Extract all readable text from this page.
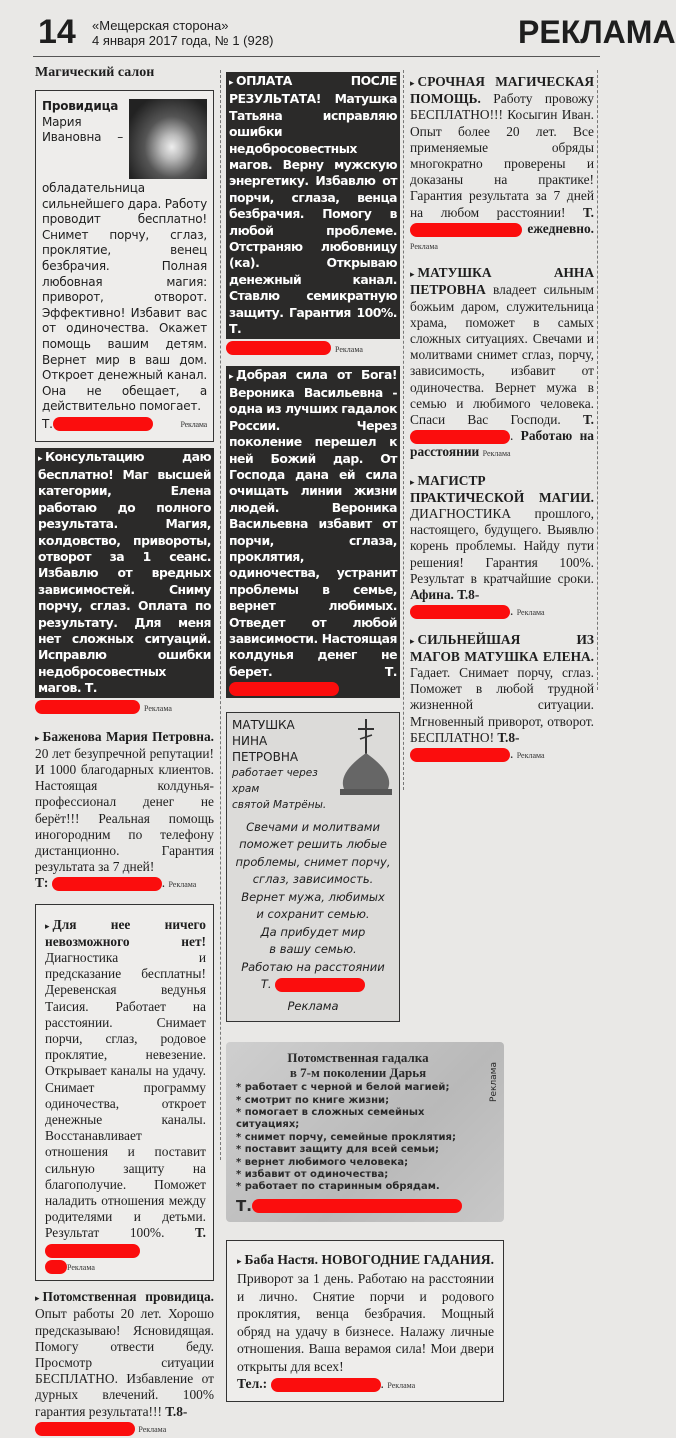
14 «Мещерская сторона»
4 января 2017 года, № 1 (928)	РЕКЛАМА
Магический салон
Провидица Мария Ивановна – обладательница сильнейшего дара. Работу проводит бесплатно! Снимет порчу, сглаз, проклятие, венец безбрачия. Полная любовная магия: приворот, отворот. Эффективно! Избавит вас от одиночества. Окажет помощь вашим детям. Вернет мир в ваш дом. Откроет денежный канал. Она не обещает, а действительно помогает.
Т.	Реклама
▸ Консультацию даю бесплатно! Маг высшей категории, Елена работаю до полного результата. Магия, колдовство, привороты, отворот за 1 сеанс. Избавлю от вредных зависимостей. Сниму порчу, сглаз. Оплата по результату. Для меня нет сложных ситуаций. Исправлю ошибки недобросовестных магов. Т.
Реклама
▸ Баженова Мария Петровна. 20 лет безупречной репутации! И 1000 благодарных клиентов. Настоящая колдунья-профессионал денег не берёт!!! Реальная помощь иногородним по телефону дистанционно. Гарантия результата за 7 дней!
Т:	. Реклама
▸ Для нее ничего невозможного нет! Диагностика и предсказание бесплатны! Деревенская ведунья Таисия. Работает на расстоянии. Снимает порчи, сглаз, родовое проклятие, невезение. Открывает каналы на удачу. Снимает программу одиночества, откроет денежные каналы. Восстанавливает отношения и поставит сильную защиту на благополучие. Поможет наладить отношения между родителями и детьми. Результат 100%. Т.
Реклама
▸ Потомственная провидица. Опыт работы 20 лет. Хорошо предсказываю! Ясновидящая. Помогу отвести беду. Просмотр ситуации БЕСПЛАТНО. Избавление от дурных влечений. 100% гарантия результата!!! Т.8-
Реклама
▸ ОПЛАТА ПОСЛЕ РЕЗУЛЬТАТА! Матушка Татьяна исправляю ошибки недобросовестных магов. Верну мужскую энергетику. Избавлю от порчи, сглаза, венца безбрачия. Помогу в любой проблеме. Отстраняю любовницу (ка). Открываю денежный канал. Ставлю семикратную защиту. Гарантия 100%. Т.
Реклама
▸ Добрая сила от Бога! Вероника Васильевна - одна из лучших гадалок России. Через поколение перешел к ней Божий дар. От Господа дана ей сила очищать линии жизни людей. Вероника Васильевна избавит от порчи, сглаза, проклятия, одиночества, устранит проблемы в семье, вернет любимых. Отведет от любой зависимости. Настоящая колдунья денег не берет.	Т.
МАТУШКА
НИНА ПЕТРОВНА
работает через храм
святой Матрёны.
Свечами и молитвами
поможет решить любые
проблемы, снимет порчу,
сглаз, зависимость.
Вернет мужа, любимых
и сохранит семью.
Да прибудет мир
в вашу семью.
Работаю на расстоянии
Т.
Реклама
Потомственная гадалка
в 7-м поколении Дарья	Реклама
* работает с черной и белой магией;
* смотрит по книге жизни;
* помогает в сложных семейных ситуациях;
* снимет порчу, семейные проклятия;
* поставит защиту для всей семьи;
* вернет любимого человека;
* избавит от одиночества;
* работает по старинным обрядам.
Т.
▸ Баба Настя. НОВОГОДНИЕ ГАДАНИЯ. Приворот за 1 день. Работаю на расстоянии и лично. Снятие порчи и родового проклятия, венца безбрачия. Мощный обряд на удачу в бизнесе. Налажу личные отношения. Ваша верамоя сила! Мои двери открыты для всех!
Тел.:	. Реклама
▸ СРОЧНАЯ МАГИЧЕСКАЯ ПОМОЩЬ. Работу провожу БЕСПЛАТНО!!! Косыгин Иван. Опыт более 20 лет. Все применяемые обряды многократно проверены и доказаны на практике! Гарантия результата за 7 дней на любом расстоянии! Т.  ежедневно. Реклама
▸ МАТУШКА АННА ПЕТРОВНА владеет сильным божьим даром, служительница храма, поможет в самых сложных ситуациях. Свечами и молитвами снимет сглаз, порчу, зависимость, избавит от одиночества. Вернет мужа в семью и любимого человека. Спаси Вас Господи. Т. . Работаю на расстоянии Реклама
▸ МАГИСТР ПРАКТИЧЕСКОЙ МАГИИ. ДИАГНОСТИКА прошлого, настоящего, будущего. Выявлю корень проблемы. Найду пути решения! Гарантия 100%. Результат в кратчайшие сроки. Афина. Т.8-
. Реклама
▸ СИЛЬНЕЙШАЯ ИЗ МАГОВ МАТУШКА ЕЛЕНА. Гадает. Снимает порчу, сглаз. Поможет в любой трудной жизненной ситуации. Мгновенный приворот, отворот. БЕСПЛАТНО! Т.8-
. Реклама
